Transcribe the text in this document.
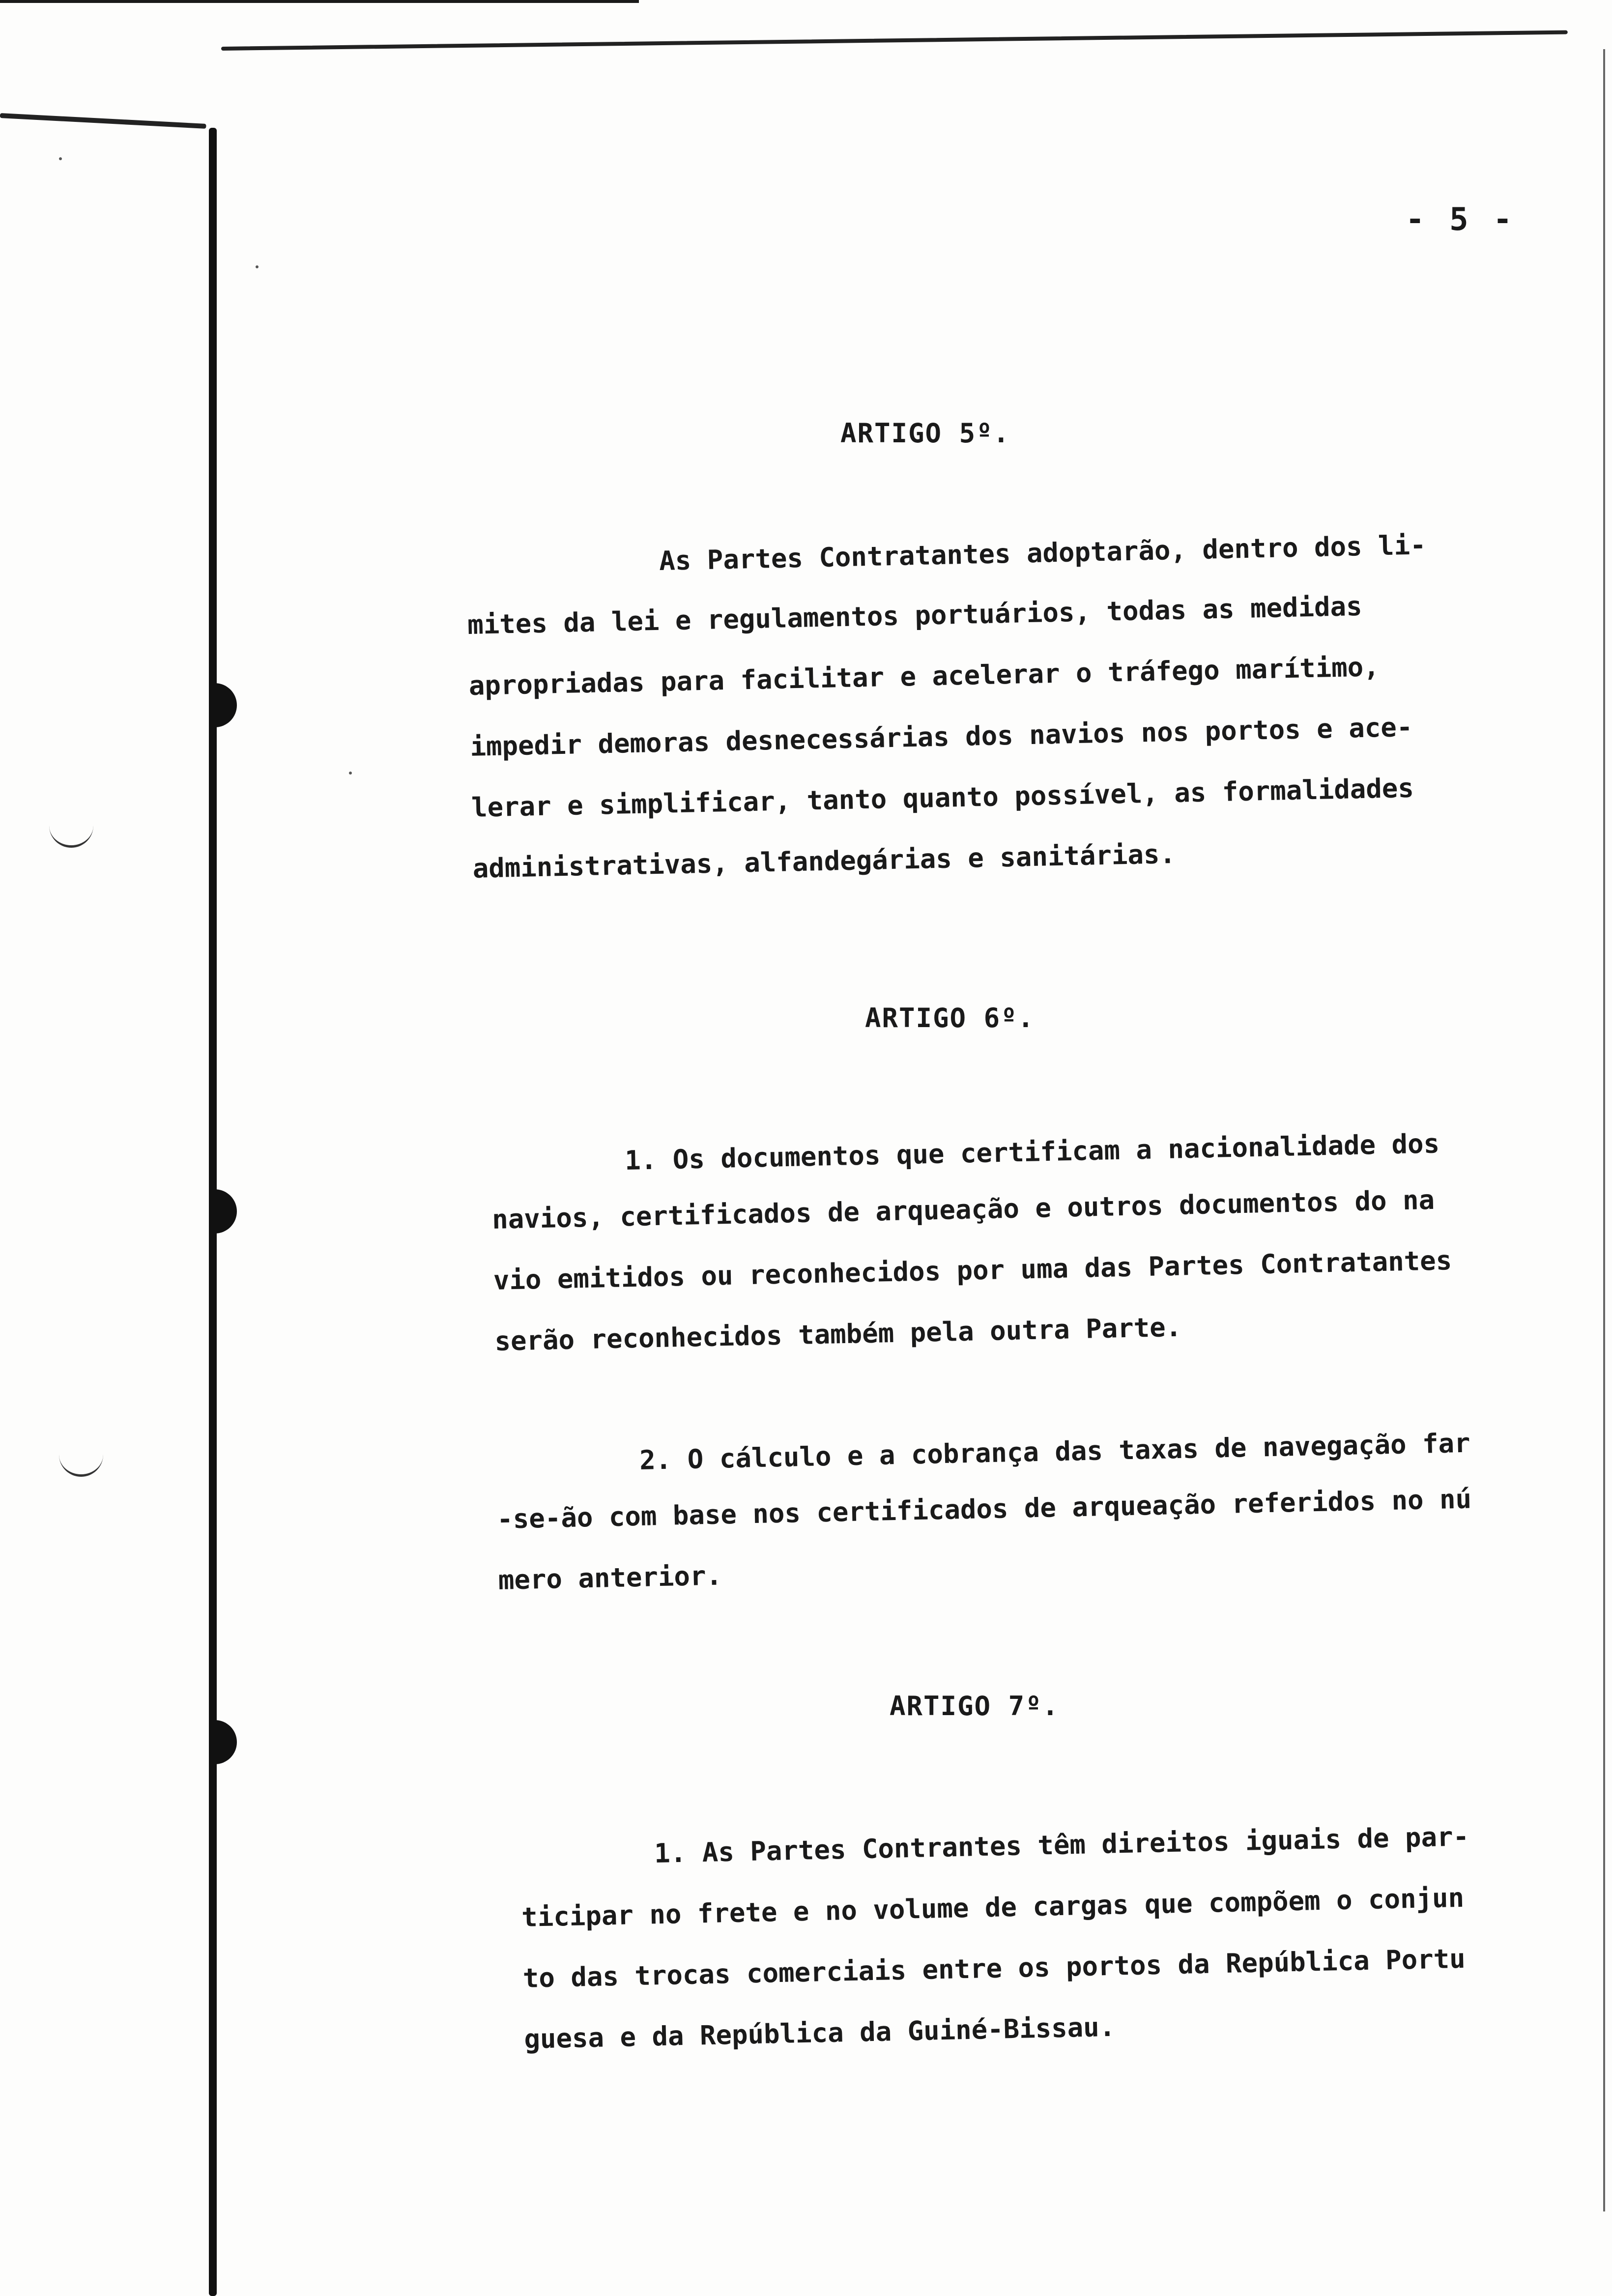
- 5 -
ARTIGO 5º.
As Partes Contratantes adoptarão, dentro dos li-
mites da lei e regulamentos portuários, todas as medidas
apropriadas para facilitar e acelerar o tráfego marítimo,
impedir demoras desnecessárias dos navios nos portos e ace-
lerar e simplificar, tanto quanto possível, as formalidades
administrativas, alfandegárias e sanitárias.
ARTIGO 6º.
1. Os documentos que certificam a nacionalidade dos
navios, certificados de arqueação e outros documentos do na
vio emitidos ou reconhecidos por uma das Partes Contratantes
serão reconhecidos também pela outra Parte.
2. O cálculo e a cobrança das taxas de navegação far
-se-ão com base nos certificados de arqueação referidos no nú
mero anterior.
ARTIGO 7º.
1. As Partes Contrantes têm direitos iguais de par-
ticipar no frete e no volume de cargas que compõem o conjun
to das trocas comerciais entre os portos da República Portu
guesa e da República da Guiné-Bissau.
